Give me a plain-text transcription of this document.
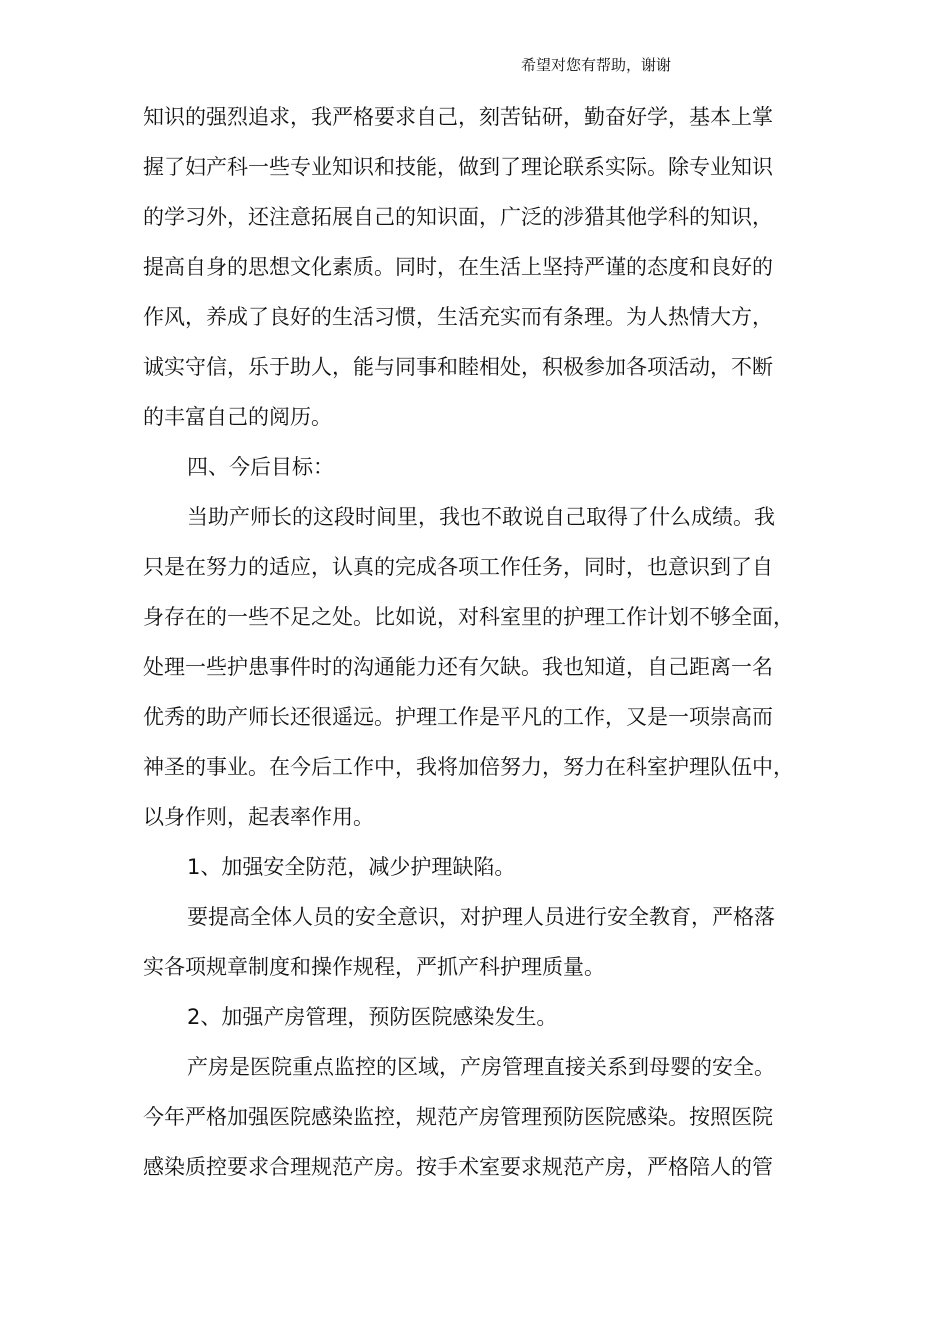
希望对您有帮助，谢谢
知识的强烈追求，我严格要求自己，刻苦钻研，勤奋好学，基本上掌
握了妇产科一些专业知识和技能，做到了理论联系实际。除专业知识
的学习外，还注意拓展自己的知识面，广泛的涉猎其他学科的知识，
提高自身的思想文化素质。同时，在生活上坚持严谨的态度和良好的
作风，养成了良好的生活习惯，生活充实而有条理。为人热情大方，
诚实守信，乐于助人，能与同事和睦相处，积极参加各项活动，不断
的丰富自己的阅历。
四、今后目标：
当助产师长的这段时间里，我也不敢说自己取得了什么成绩。我
只是在努力的适应，认真的完成各项工作任务，同时，也意识到了自
身存在的一些不足之处。比如说，对科室里的护理工作计划不够全面，
处理一些护患事件时的沟通能力还有欠缺。我也知道，自己距离一名
优秀的助产师长还很遥远。护理工作是平凡的工作，又是一项崇高而
神圣的事业。在今后工作中，我将加倍努力，努力在科室护理队伍中，
以身作则，起表率作用。
1、加强安全防范，减少护理缺陷。
要提高全体人员的安全意识，对护理人员进行安全教育，严格落
实各项规章制度和操作规程，严抓产科护理质量。
2、加强产房管理，预防医院感染发生。
产房是医院重点监控的区域，产房管理直接关系到母婴的安全。
今年严格加强医院感染监控，规范产房管理预防医院感染。按照医院
感染质控要求合理规范产房。按手术室要求规范产房，严格陪人的管
